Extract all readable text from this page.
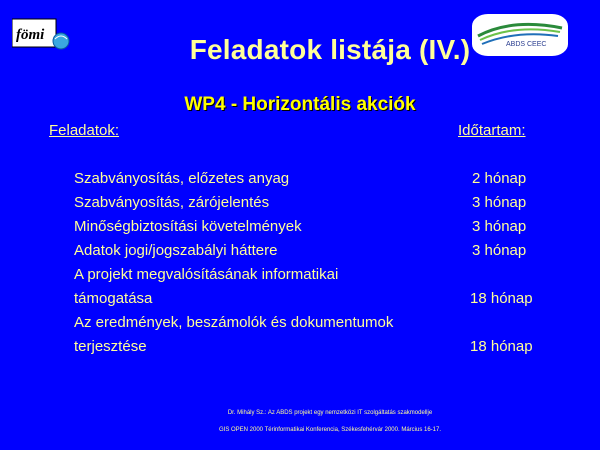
fömi
ABDS CEEC
Feladatok listája (IV.)
WP4 - Horizontális akciók
Feladatok:	Időtartam:
Szabványosítás, előzetes anyag	2 hónap
Szabványosítás, zárójelentés	3 hónap
Minőségbiztosítási követelmények	3 hónap
Adatok jogi/jogszabályi háttere	3 hónap
A projekt megvalósításának informatikai
támogatása	18 hónap
Az eredmények, beszámolók és dokumentumok
terjesztése	18 hónap
Dr. Mihály Sz.: Az ABDS projekt egy nemzetközi IT szolgáltatás szakmodellje
GIS OPEN 2000 Térinformatikai Konferencia, Székesfehérvár 2000. Március 16-17.
